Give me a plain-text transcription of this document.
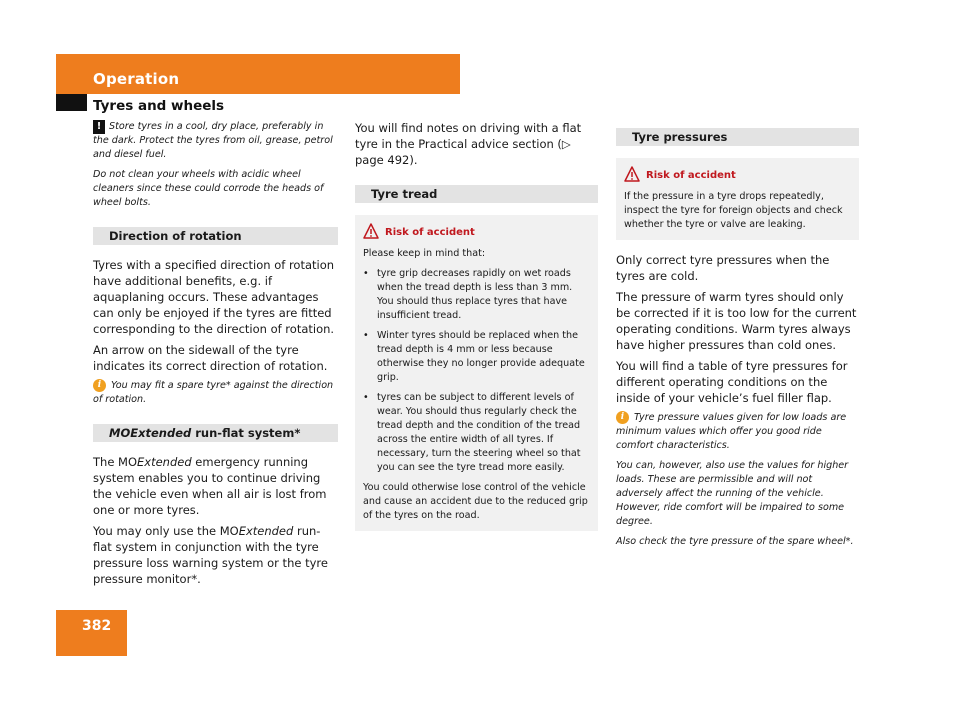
Operation
Tyres and wheels

! Store tyres in a cool, dry place, preferably in the dark. Protect the tyres from oil, grease, petrol and diesel fuel.

Do not clean your wheels with acidic wheel cleaners since these could corrode the heads of wheel bolts.

Direction of rotation

Tyres with a specified direction of rotation have additional benefits, e.g. if aquaplaning occurs. These advantages can only be enjoyed if the tyres are fitted corresponding to the direction of rotation.

An arrow on the sidewall of the tyre indicates its correct direction of rotation.

i You may fit a spare tyre* against the direction of rotation.

MOExtended run-flat system*

The MOExtended emergency running system enables you to continue driving the vehicle even when all air is lost from one or more tyres.

You may only use the MOExtended run-flat system in conjunction with the tyre pressure loss warning system or the tyre pressure monitor*.

You will find notes on driving with a flat tyre in the Practical advice section (▷ page 492).

Tyre tread
Risk of accident

Please keep in mind that:

• tyre grip decreases rapidly on wet roads when the tread depth is less than 3 mm. You should thus replace tyres that have insufficient tread.

• Winter tyres should be replaced when the tread depth is 4 mm or less because otherwise they no longer provide adequate grip.

• tyres can be subject to different levels of wear. You should thus regularly check the tread depth and the condition of the tread across the entire width of all tyres. If necessary, turn the steering wheel so that you can see the tyre tread more easily.

You could otherwise lose control of the vehicle and cause an accident due to the reduced grip of the tyres on the road.

Tyre pressures
Risk of accident

If the pressure in a tyre drops repeatedly, inspect the tyre for foreign objects and check whether the tyre or valve are leaking.

Only correct tyre pressures when the tyres are cold.

The pressure of warm tyres should only be corrected if it is too low for the current operating conditions. Warm tyres always have higher pressures than cold ones.

You will find a table of tyre pressures for different operating conditions on the inside of your vehicle’s fuel filler flap.

i Tyre pressure values given for low loads are minimum values which offer you good ride comfort characteristics.

You can, however, also use the values for higher loads. These are permissible and will not adversely affect the running of the vehicle. However, ride comfort will be impaired to some degree.

Also check the tyre pressure of the spare wheel*.

382
